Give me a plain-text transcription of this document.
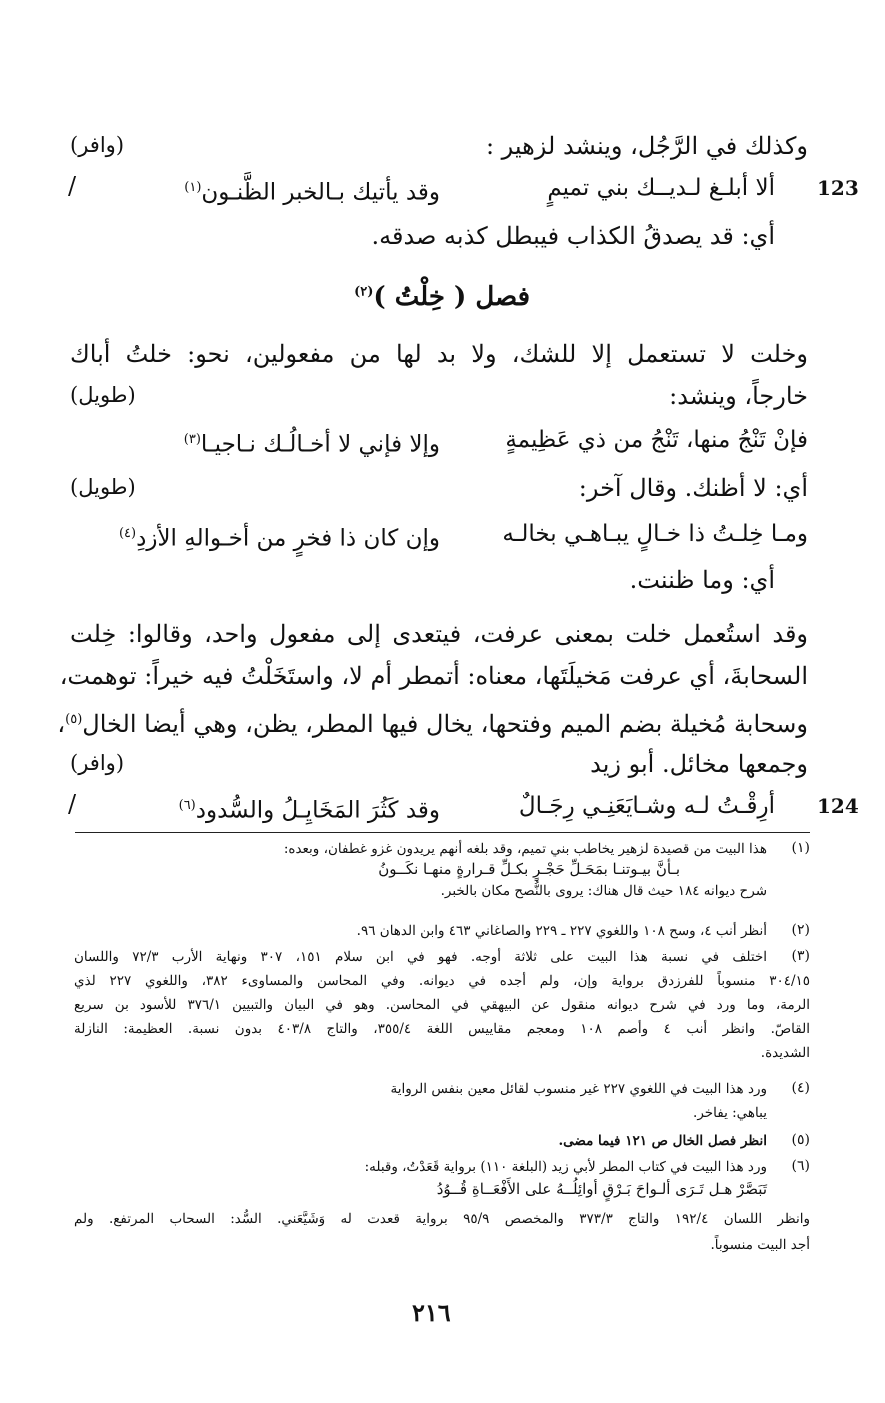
وكذلك في الرَّجُل، وينشد لزهير :
(وافر)
123
ألا أبلـغ لـديــك بني تميمٍ
وقد يأتيك بـالخبر الظَّنـون$^{(١)}$
/
أي: قد يصدقُ الكذاب فيبطل كذبه صدقه.
فصل ( خِلْتُ )$^{(٢)}$
وخلت لا تستعمل إلا للشك، ولا بد لها من مفعولين، نحو: خلتُ أباك
خارجاً، وينشد:
(طويل)
فإنْ تَنْجُ منها، تَنْجُ من ذي عَظِيمةٍ
وإلا فإني لا أخـالُـك نـاجيـا$^{(٣)}$
أي: لا أظنك. وقال آخر:
(طويل)
ومـا خِلـتُ ذا خـالٍ يبـاهـي بخالـه
وإن كان ذا فخرٍ من أخـوالهِ الأزدِ$^{(٤)}$
أي: وما ظننت.
وقد استُعمل خلت بمعنى عرفت، فيتعدى إلى مفعول واحد، وقالوا: خِلت
السحابةَ، أي عرفت مَخيلَتَها، معناه: أتمطر أم لا، واستَخَلْتُ فيه خيراً: توهمت،
وسحابة مُخيلة بضم الميم وفتحها، يخال فيها المطر، يظن، وهي أيضا الخال$^{(٥)}$،
وجمعها مخائل. أبو زيد
(وافر)
124
أرِقْـتُ لـه وشـايَعَنِـي رِجَـالٌ
وقد كَثُرَ المَخَايِـلُ والسُّدود$^{(٦)}$
/
(١)
هذا البيت من قصيدة لزهير يخاطب بني تميم، وقد بلغه أنهم يريدون غزو غطفان، وبعده:
بـأنَّ بيـوتنـا بمَحَـلِّ حَجْـرٍ بكـلِّ قـرارةٍ منهـا نكَــونُ
شرح ديوانه ١٨٤ حيث قال هناك: يروى بالنُّصح مكان بالخبر.
(٢)
أنظر أنب ٤، وسح ١٠٨ واللغوي ٢٢٧ ـ ٢٢٩ والصاغاني ٤٦٣ وابن الدهان ٩٦.
(٣)
اختلف في نسبة هذا البيت على ثلاثة أوجه. فهو في ابن سلام ١٥١، ٣٠٧ ونهاية الأرب ٧٢/٣ واللسان
٣٠٤/١٥ منسوباً للفرزدق برواية وإن، ولم أجده في ديوانه. وفي المحاسن والمساوىء ٣٨٢، واللغوي ٢٢٧ لذي
الرمة، وما ورد في شرح ديوانه منقول عن البيهقي في المحاسن. وهو في البيان والتبيين ٣٧٦/١ للأسود بن سريع
القاصّ. وانظر أنب ٤ وأصم ١٠٨ ومعجم مقاييس اللغة ٣٥٥/٤، والتاج ٤٠٣/٨ بدون نسبة. العظيمة: النازلة
الشديدة.
(٤)
ورد هذا البيت في اللغوي ٢٢٧ غير منسوب لقائل معين بنفس الرواية
يباهي: يفاخر.
(٥)
انظر فصل الخال ص ١٢١ فيما مضى.
(٦)
ورد هذا البيت في كتاب المطر لأبي زيد (البلغة ١١٠) برواية قَعَدْتُ، وقبله:
تَبَصَّرْ هـل تَـرَى ألـواحَ بَـرْقٍ أوائِلُــهُ على الأَفْعَــاةِ قُــوُدُ
وانظر اللسان ١٩٢/٤ والتاج ٣٧٣/٣ والمخصص ٩٥/٩ برواية قعدت له وَشَيَّعَني. السُّد: السحاب المرتفع. ولم
أجد البيت منسوباً.
٢١٦
